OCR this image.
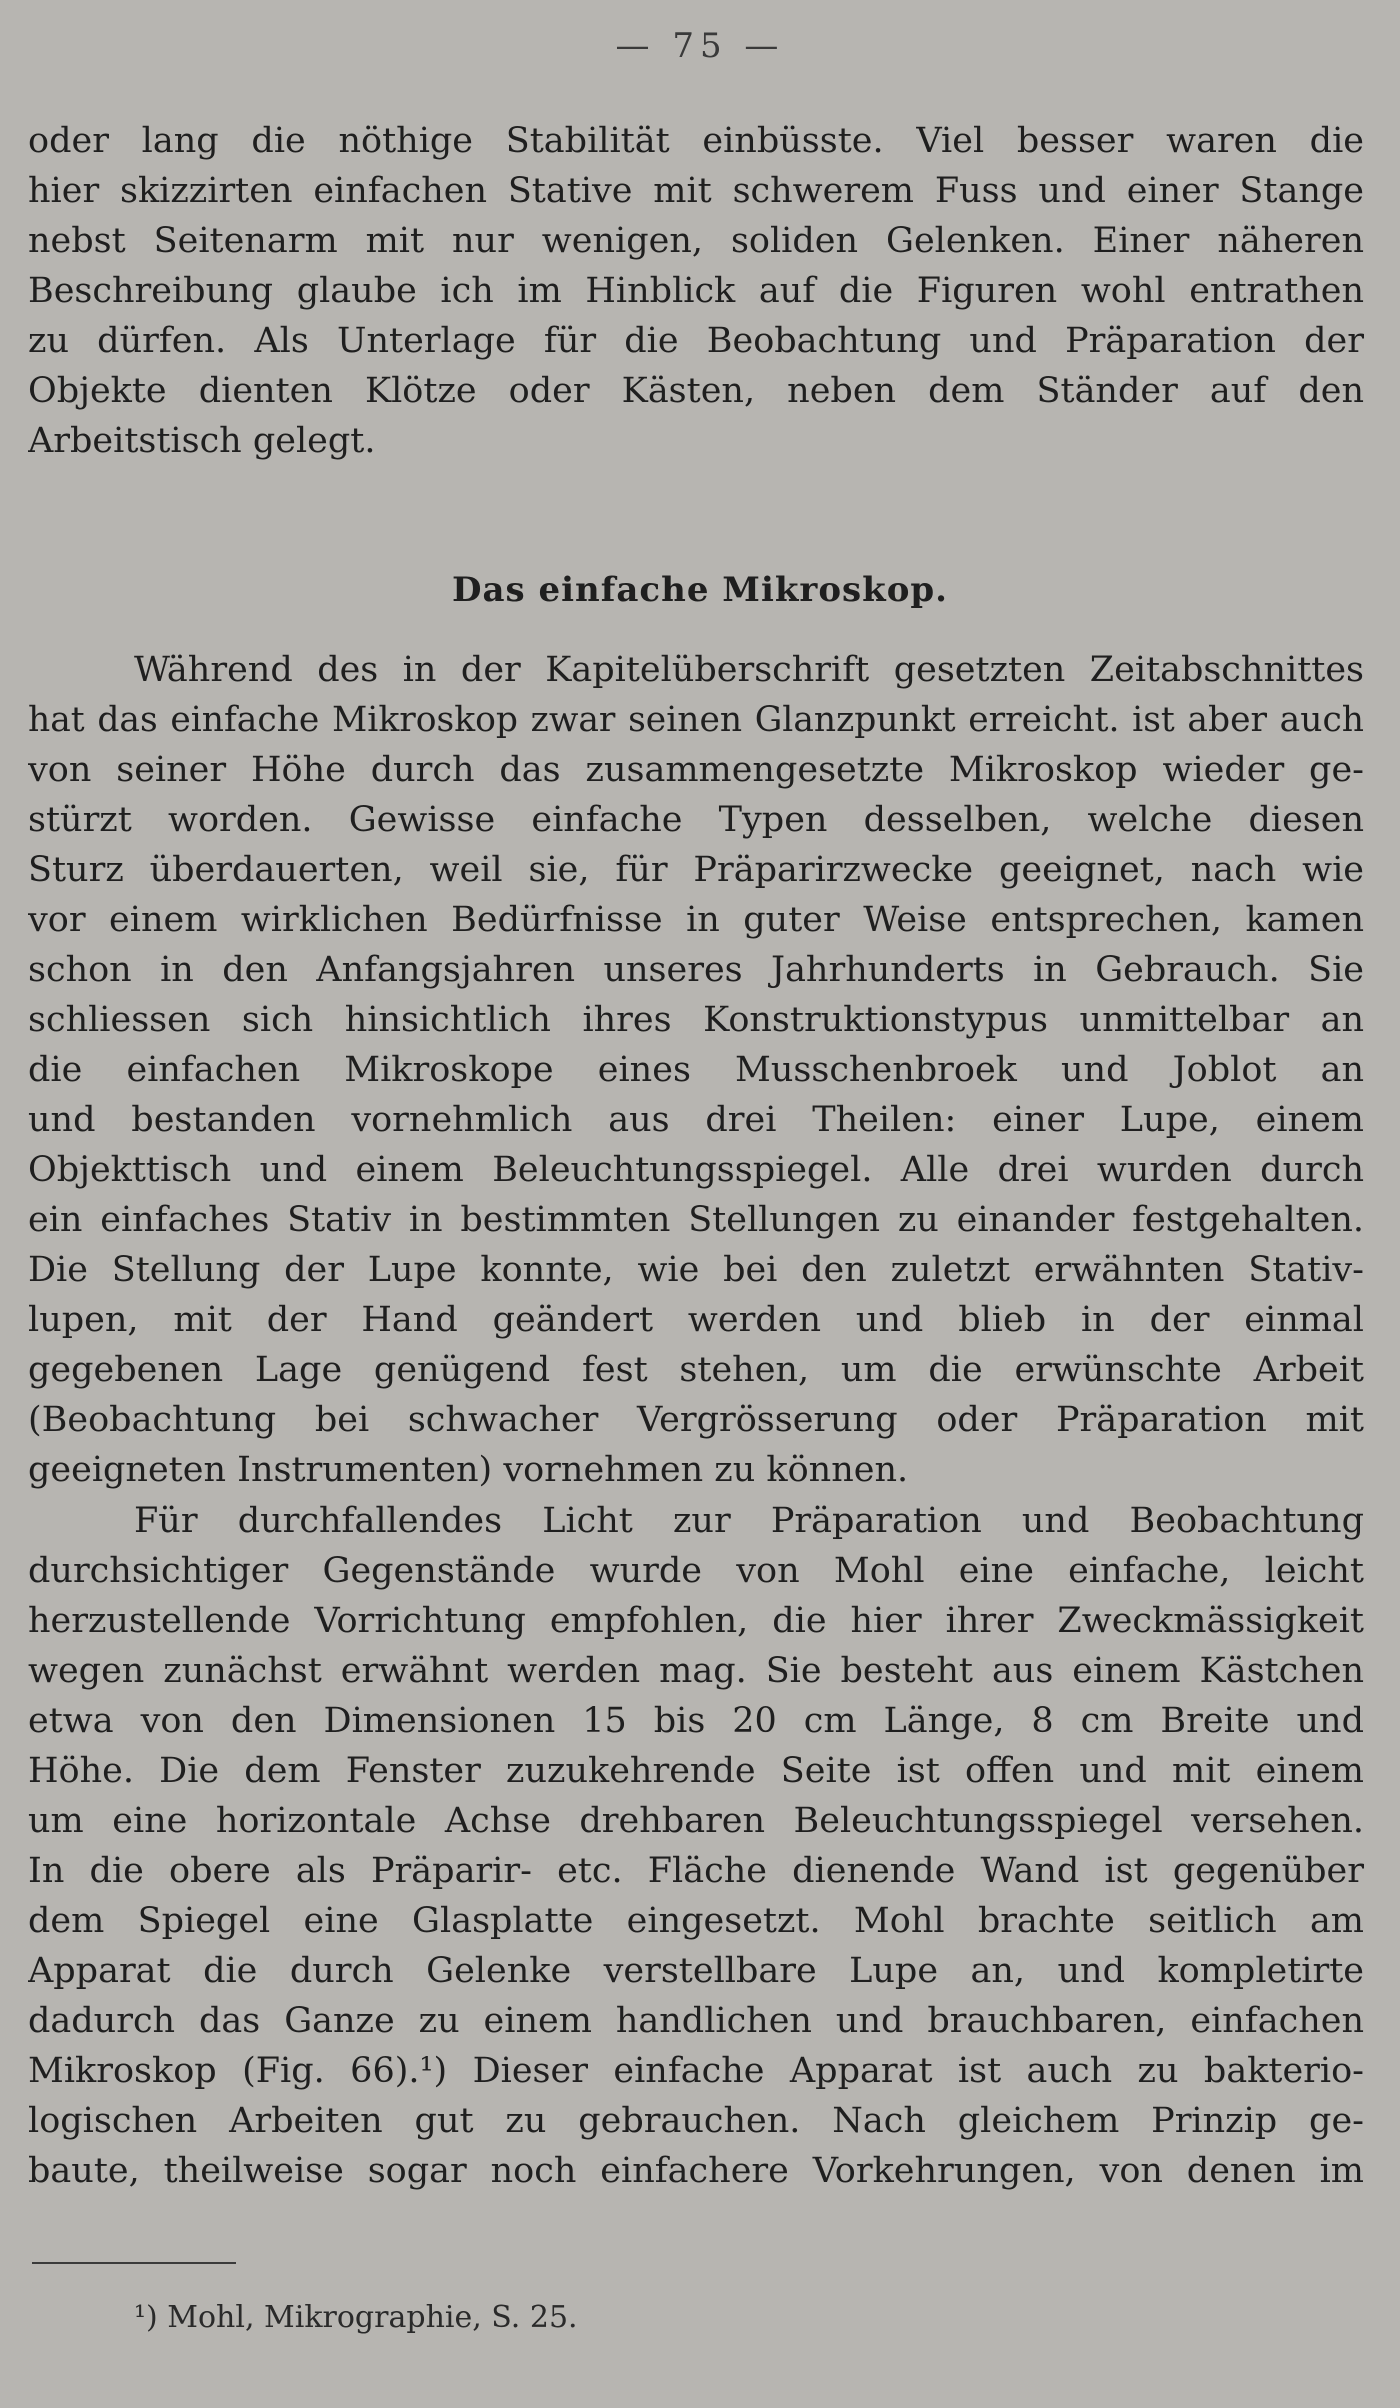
— 75 —
oder lang die nöthige Stabilität einbüsste. Viel besser waren die
hier skizzirten einfachen Stative mit schwerem Fuss und einer Stange
nebst Seitenarm mit nur wenigen, soliden Gelenken. Einer näheren
Beschreibung glaube ich im Hinblick auf die Figuren wohl entrathen
zu dürfen. Als Unterlage für die Beobachtung und Präparation der
Objekte dienten Klötze oder Kästen, neben dem Ständer auf den
Arbeitstisch gelegt.
Das einfache Mikroskop.
Während des in der Kapitelüberschrift gesetzten Zeitabschnittes
hat das einfache Mikroskop zwar seinen Glanzpunkt erreicht. ist aber auch
von seiner Höhe durch das zusammengesetzte Mikroskop wieder ge-
stürzt worden. Gewisse einfache Typen desselben, welche diesen
Sturz überdauerten, weil sie, für Präparirzwecke geeignet, nach wie
vor einem wirklichen Bedürfnisse in guter Weise entsprechen, kamen
schon in den Anfangsjahren unseres Jahrhunderts in Gebrauch. Sie
schliessen sich hinsichtlich ihres Konstruktionstypus unmittelbar an
die einfachen Mikroskope eines Musschenbroek und Joblot an
und bestanden vornehmlich aus drei Theilen: einer Lupe, einem
Objekttisch und einem Beleuchtungsspiegel. Alle drei wurden durch
ein einfaches Stativ in bestimmten Stellungen zu einander festgehalten.
Die Stellung der Lupe konnte, wie bei den zuletzt erwähnten Stativ-
lupen, mit der Hand geändert werden und blieb in der einmal
gegebenen Lage genügend fest stehen, um die erwünschte Arbeit
(Beobachtung bei schwacher Vergrösserung oder Präparation mit
geeigneten Instrumenten) vornehmen zu können.
Für durchfallendes Licht zur Präparation und Beobachtung
durchsichtiger Gegenstände wurde von Mohl eine einfache, leicht
herzustellende Vorrichtung empfohlen, die hier ihrer Zweckmässigkeit
wegen zunächst erwähnt werden mag. Sie besteht aus einem Kästchen
etwa von den Dimensionen 15 bis 20 cm Länge, 8 cm Breite und
Höhe. Die dem Fenster zuzukehrende Seite ist offen und mit einem
um eine horizontale Achse drehbaren Beleuchtungsspiegel versehen.
In die obere als Präparir- etc. Fläche dienende Wand ist gegenüber
dem Spiegel eine Glasplatte eingesetzt. Mohl brachte seitlich am
Apparat die durch Gelenke verstellbare Lupe an, und kompletirte
dadurch das Ganze zu einem handlichen und brauchbaren, einfachen
Mikroskop (Fig. 66).¹) Dieser einfache Apparat ist auch zu bakterio-
logischen Arbeiten gut zu gebrauchen. Nach gleichem Prinzip ge-
baute, theilweise sogar noch einfachere Vorkehrungen, von denen im
¹) Mohl, Mikrographie, S. 25.
